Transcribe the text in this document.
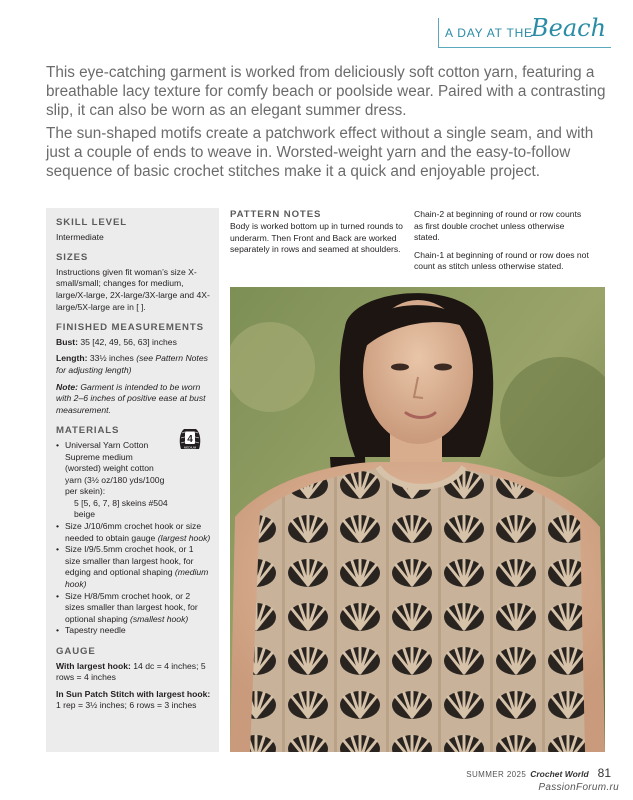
A DAY AT THE
Beach

This eye-catching garment is worked from deliciously soft cotton yarn, featuring a breathable lacy texture for comfy beach or poolside wear. Paired with a contrasting slip, it can also be worn as an elegant summer dress.

The sun-shaped motifs create a patchwork effect without a single seam, and with just a couple of ends to weave in. Worsted-weight yarn and the easy-to-follow sequence of basic crochet stitches make it a quick and enjoyable project.

SKILL LEVEL
Intermediate
SIZES
Instructions given fit woman’s size X-small/small; changes for medium, large/X-large, 2X-large/3X-large and 4X-large/5X-large are in [ ].
FINISHED MEASUREMENTS
Bust: 35 [42, 49, 56, 63] inches
Length: 33½ inches (see Pattern Notes for adjusting length)
Note: Garment is intended to be worn with 2–6 inches of positive ease at bust measurement.
MATERIALS
4
MEDIUM
• Universal Yarn Cotton Supreme medium (worsted) weight cotton yarn (3½ oz/180 yds/100g per skein):
5 [5, 6, 7, 8] skeins #504 beige
• Size J/10/6mm crochet hook or size needed to obtain gauge (largest hook)
• Size I/9/5.5mm crochet hook, or 1 size smaller than largest hook, for edging and optional shaping (medium hook)
• Size H/8/5mm crochet hook, or 2 sizes smaller than largest hook, for optional shaping (smallest hook)
• Tapestry needle
GAUGE
With largest hook: 14 dc = 4 inches; 5 rows = 4 inches
In Sun Patch Stitch with largest hook: 1 rep = 3½ inches; 6 rows = 3 inches
PATTERN NOTES

Body is worked bottom up in turned rounds to underarm. Then Front and Back are worked separately in rows and seamed at shoulders.

Chain-2 at beginning of round or row counts as first double crochet unless otherwise stated.

Chain-1 at beginning of round or row does not count as stitch unless otherwise stated.

SUMMER 2025 Crochet World 81
PassionForum.ru
